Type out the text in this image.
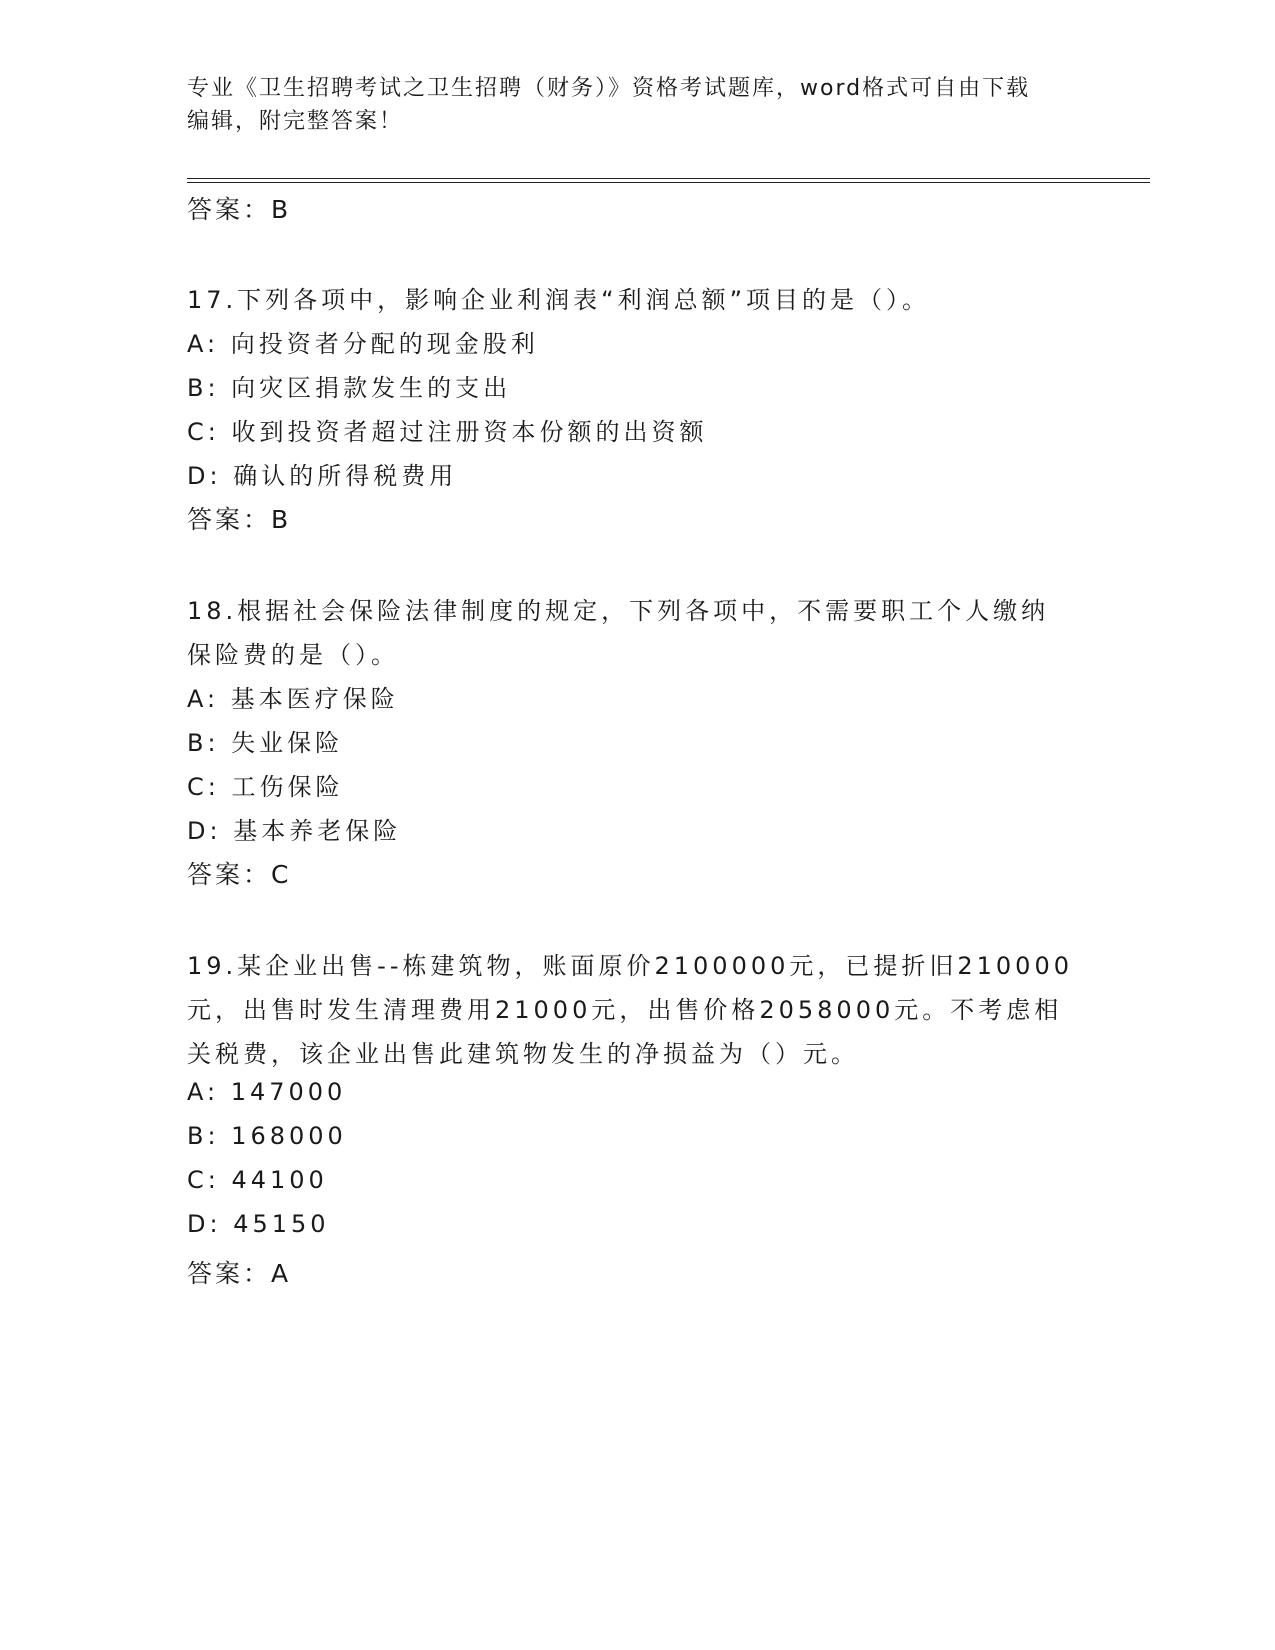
专业《卫生招聘考试之卫生招聘（财务）》资格考试题库，word格式可自由下载
编辑，附完整答案！
答案：B
17.下列各项中，影响企业利润表“利润总额”项目的是（）。
A: 向投资者分配的现金股利
B: 向灾区捐款发生的支出
C: 收到投资者超过注册资本份额的出资额
D: 确认的所得税费用
答案：B
18.根据社会保险法律制度的规定，下列各项中，不需要职工个人缴纳
保险费的是（）。
A: 基本医疗保险
B: 失业保险
C: 工伤保险
D: 基本养老保险
答案：C
19.某企业出售--栋建筑物，账面原价2100000元，已提折旧210000
元，出售时发生清理费用21000元，出售价格2058000元。不考虑相
关税费，该企业出售此建筑物发生的净损益为（）元。
A: 147000
B: 168000
C: 44100
D: 45150
答案：A
